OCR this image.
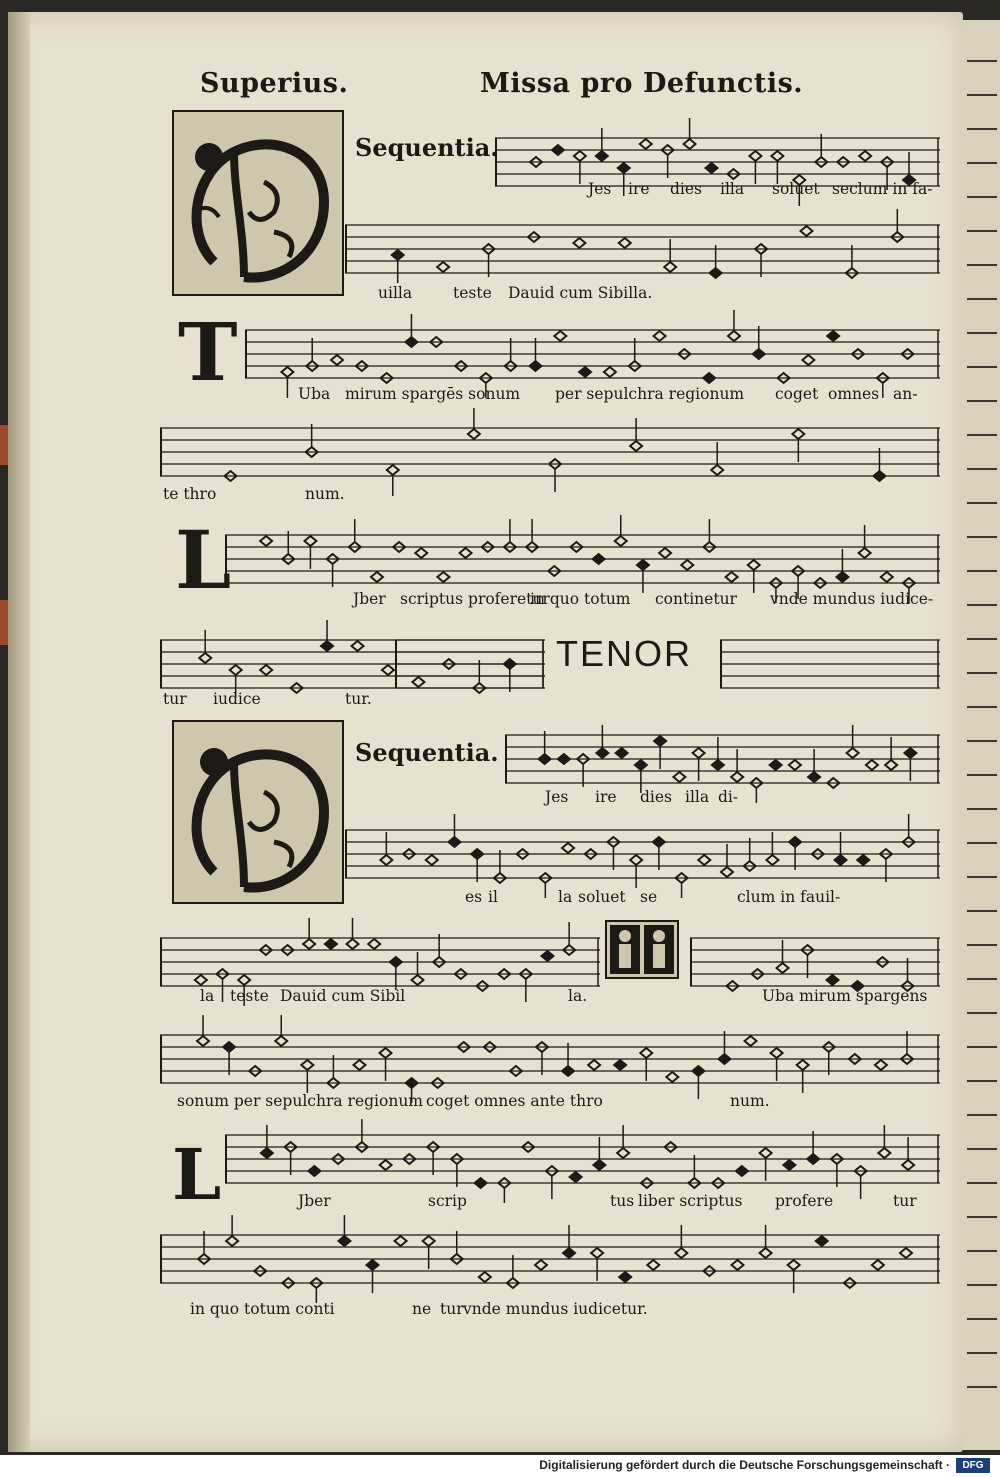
Superius.	Missa pro Defunctis.
T
L
L
Sequentia.
Sequentia.
TENOR
Jes ire dies illa soluet seclum in fa-
uilla	teste Dauid cum Sibilla.
Uba mirum spargēs sonum per sepulchra regionum coget omnes an-
te thro	num.
Jber scriptus proferetur
in quo totum continetur vnde mundus iudice-
tur iudice	tur.
Jes ire dies illa di-
es il	la soluet se	clum in fauil-
la teste Dauid cum Sibil	la.	Uba mirum spargens
sonum per sepulchra regionum coget omnes ante thro	num.
Jber	scrip	tus liber scriptus profere	tur
in quo totum conti	ne tur vnde mundus iudicetur.
Digitalisierung gefördert durch die Deutsche Forschungsgemeinschaft ·	DFG
